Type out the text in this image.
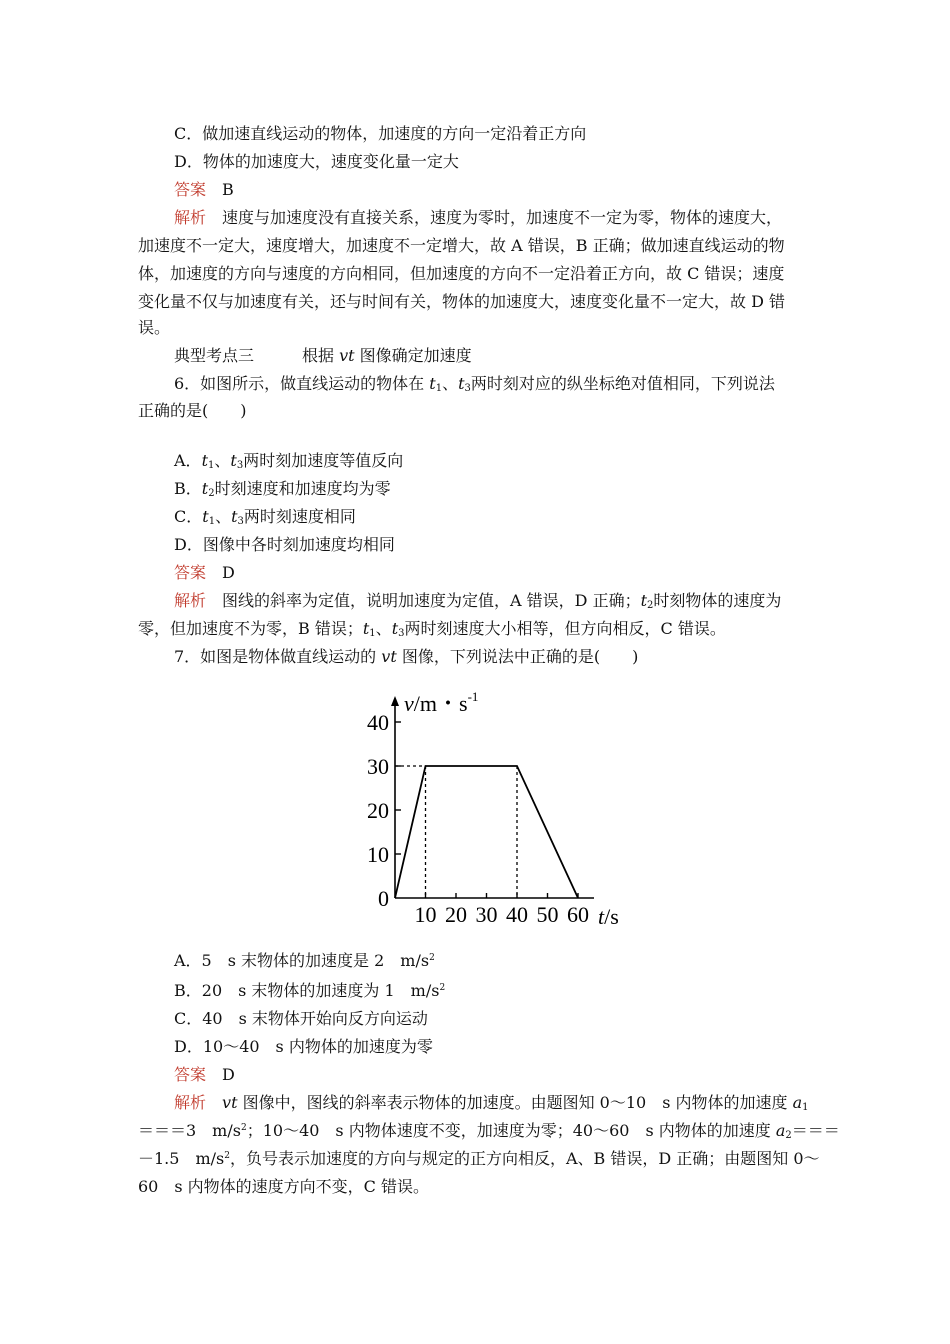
C．做加速直线运动的物体，加速度的方向一定沿着正方向
D．物体的加速度大，速度变化量一定大
答案　 B
解析　 速度与加速度没有直接关系，速度为零时，加速度不一定为零，物体的速度大，
加速度不一定大，速度增大，加速度不一定增大，故 A 错误，B 正确；做加速直线运动的物
体，加速度的方向与速度的方向相同，但加速度的方向不一定沿着正方向，故 C 错误；速度
变化量不仅与加速度有关，还与时间有关，物体的加速度大，速度变化量不一定大，故 D 错
误。
典型考点三	根据 vt 图像确定加速度
6．如图所示，做直线运动的物体在 $t_1$、$t_3$两时刻对应的纵坐标绝对值相同，下列说法
正确的是(　　)
A．$t_1$、$t_3$两时刻加速度等值反向
B．$t_2$时刻速度和加速度均为零
C．$t_1$、$t_3$两时刻速度相同
D．图像中各时刻加速度均相同
答案　 D
解析　 图线的斜率为定值，说明加速度为定值，A 错误，D 正确；$t_2$时刻物体的速度为
零，但加速度不为零，B 错误；$t_1$、$t_3$两时刻速度大小相等，但方向相反，C 错误。
7．如图是物体做直线运动的 vt 图像，下列说法中正确的是(　　)
v/m・$s^{-1}$
t/s
0
10
20
30
40
10 20 30 40 50 60
A．5　s 末物体的加速度是 2　$m/s^2$
B．20　s 末物体的加速度为 1　$m/s^2$
C．40　s 末物体开始向反方向运动
D．10～40　s 内物体的加速度为零
答案　 D
解析　 vt 图像中，图线的斜率表示物体的加速度。由题图知 0～10　s 内物体的加速度 $a_1$
＝＝＝3　$m/s^2$；10～40　s 内物体速度不变，加速度为零；40～60　s 内物体的加速度 $a_2===$
－1.5　$m/s^2$，负号表示加速度的方向与规定的正方向相反，A、B 错误，D 正确；由题图知 0～
60　s 内物体的速度方向不变，C 错误。
